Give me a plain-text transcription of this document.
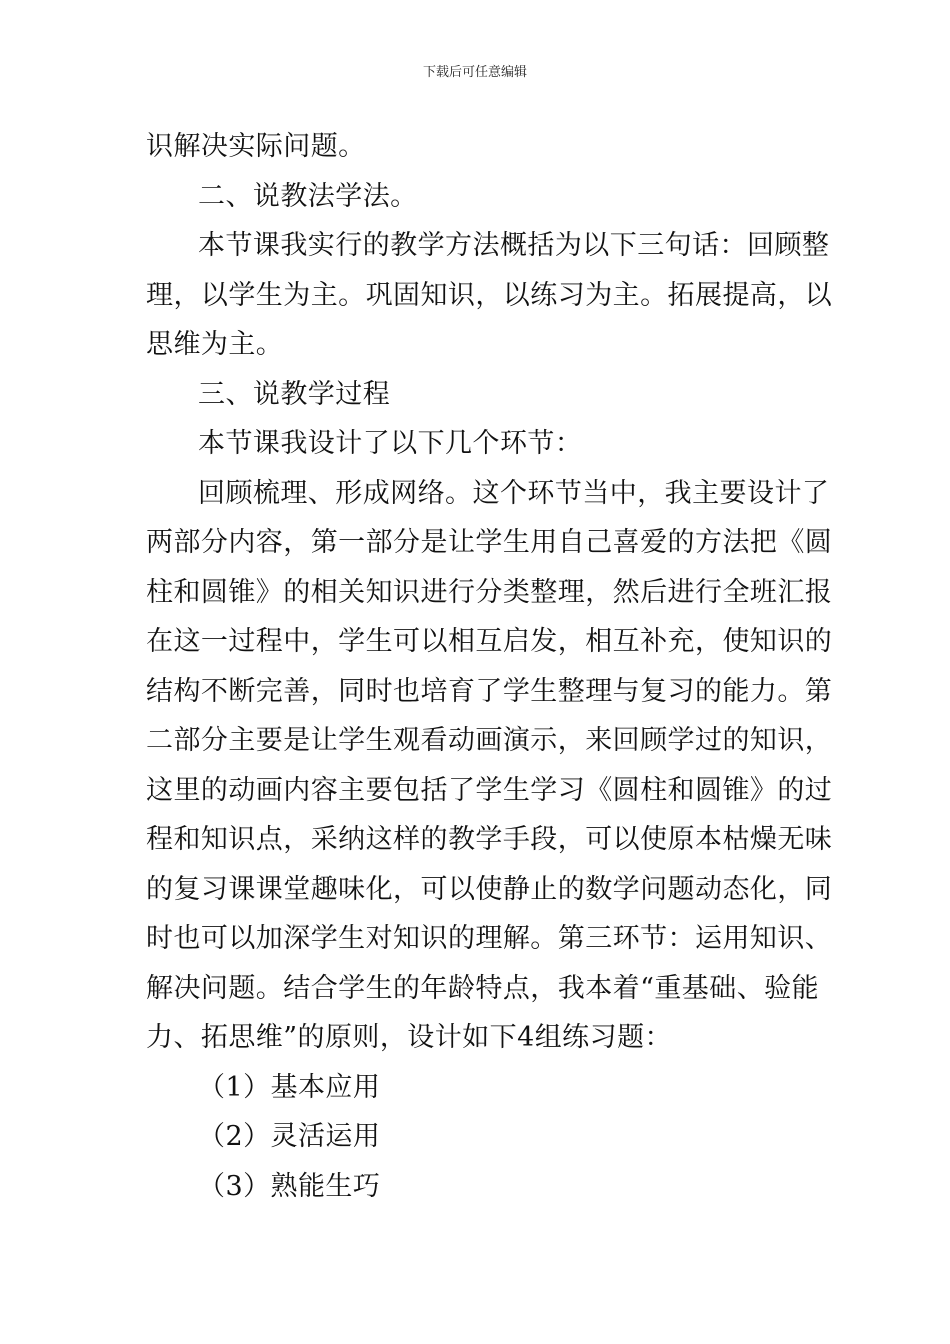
下载后可任意编辑

识解决实际问题。

二、说教法学法。

本节课我实行的教学方法概括为以下三句话：回顾整
理，以学生为主。巩固知识，以练习为主。拓展提高，以
思维为主。

三、说教学过程

本节课我设计了以下几个环节：

回顾梳理、形成网络。这个环节当中，我主要设计了
两部分内容，第一部分是让学生用自己喜爱的方法把《圆
柱和圆锥》的相关知识进行分类整理，然后进行全班汇报
在这一过程中，学生可以相互启发，相互补充，使知识的
结构不断完善，同时也培育了学生整理与复习的能力。第
二部分主要是让学生观看动画演示，来回顾学过的知识，
这里的动画内容主要包括了学生学习《圆柱和圆锥》的过
程和知识点，采纳这样的教学手段，可以使原本枯燥无味
的复习课课堂趣味化，可以使静止的数学问题动态化，同
时也可以加深学生对知识的理解。第三环节：运用知识、
解决问题。结合学生的年龄特点，我本着“重基础、验能
力、拓思维”的原则，设计如下4组练习题：

（1）基本应用

（2）灵活运用

（3）熟能生巧
